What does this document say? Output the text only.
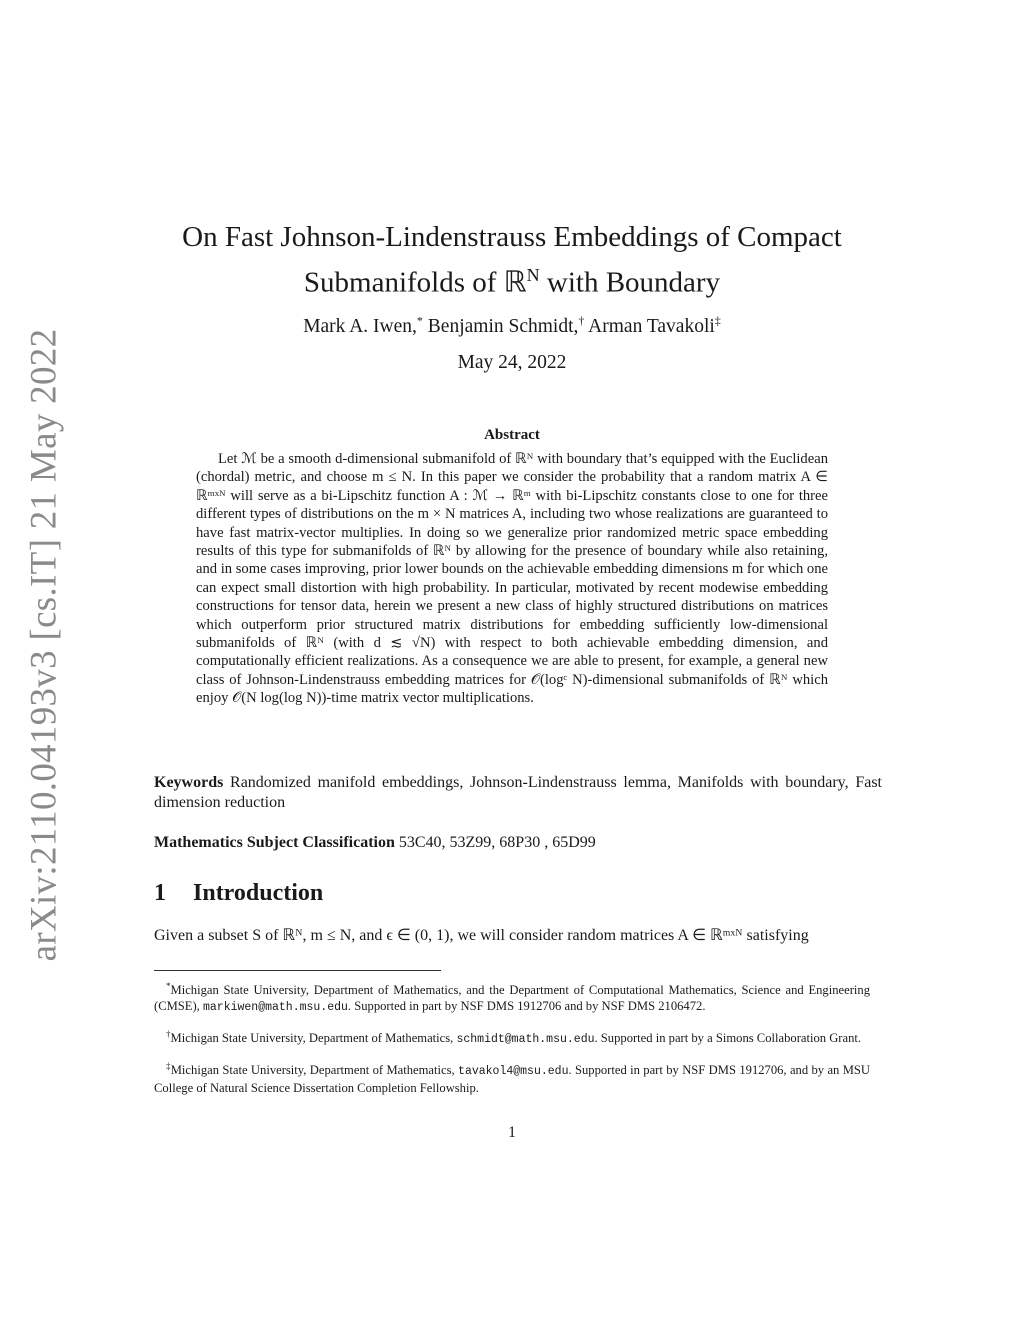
arXiv:2110.04193v3 [cs.IT] 21 May 2022
On Fast Johnson-Lindenstrauss Embeddings of Compact
Submanifolds of ℝ$^N$ with Boundary
Mark A. Iwen,* Benjamin Schmidt,† Arman Tavakoli‡
May 24, 2022
Abstract

Let ℳ be a smooth d-dimensional submanifold of ℝᴺ with boundary that’s equipped with the Euclidean (chordal) metric, and choose m ≤ N. In this paper we consider the probability that a random matrix A ∈ ℝᵐˣᴺ will serve as a bi-Lipschitz function A : ℳ → ℝᵐ with bi-Lipschitz constants close to one for three different types of distributions on the m × N matrices A, including two whose realizations are guaranteed to have fast matrix-vector multiplies. In doing so we generalize prior randomized metric space embedding results of this type for submanifolds of ℝᴺ by allowing for the presence of boundary while also retaining, and in some cases improving, prior lower bounds on the achievable embedding dimensions m for which one can expect small distortion with high probability. In particular, motivated by recent modewise embedding constructions for tensor data, herein we present a new class of highly structured distributions on matrices which outperform prior structured matrix distributions for embedding sufficiently low-dimensional submanifolds of ℝᴺ (with d ≲ √N) with respect to both achievable embedding dimension, and computationally efficient realizations. As a consequence we are able to present, for example, a general new class of Johnson-Lindenstrauss embedding matrices for 𝒪(logᶜ N)-dimensional submanifolds of ℝᴺ which enjoy 𝒪(N log(log N))-time matrix vector multiplications.

Keywords Randomized manifold embeddings, Johnson-Lindenstrauss lemma, Manifolds with boundary, Fast dimension reduction

Mathematics Subject Classification 53C40, 53Z99, 68P30 , 65D99

1 Introduction

Given a subset S of ℝᴺ, m ≤ N, and ϵ ∈ (0, 1), we will consider random matrices A ∈ ℝᵐˣᴺ satisfying

*Michigan State University, Department of Mathematics, and the Department of Computational Mathematics, Science and Engineering (CMSE), markiwen@math.msu.edu. Supported in part by NSF DMS 1912706 and by NSF DMS 2106472.

†Michigan State University, Department of Mathematics, schmidt@math.msu.edu. Supported in part by a Simons Collaboration Grant.

‡Michigan State University, Department of Mathematics, tavakol4@msu.edu. Supported in part by NSF DMS 1912706, and by an MSU College of Natural Science Dissertation Completion Fellowship.

1
